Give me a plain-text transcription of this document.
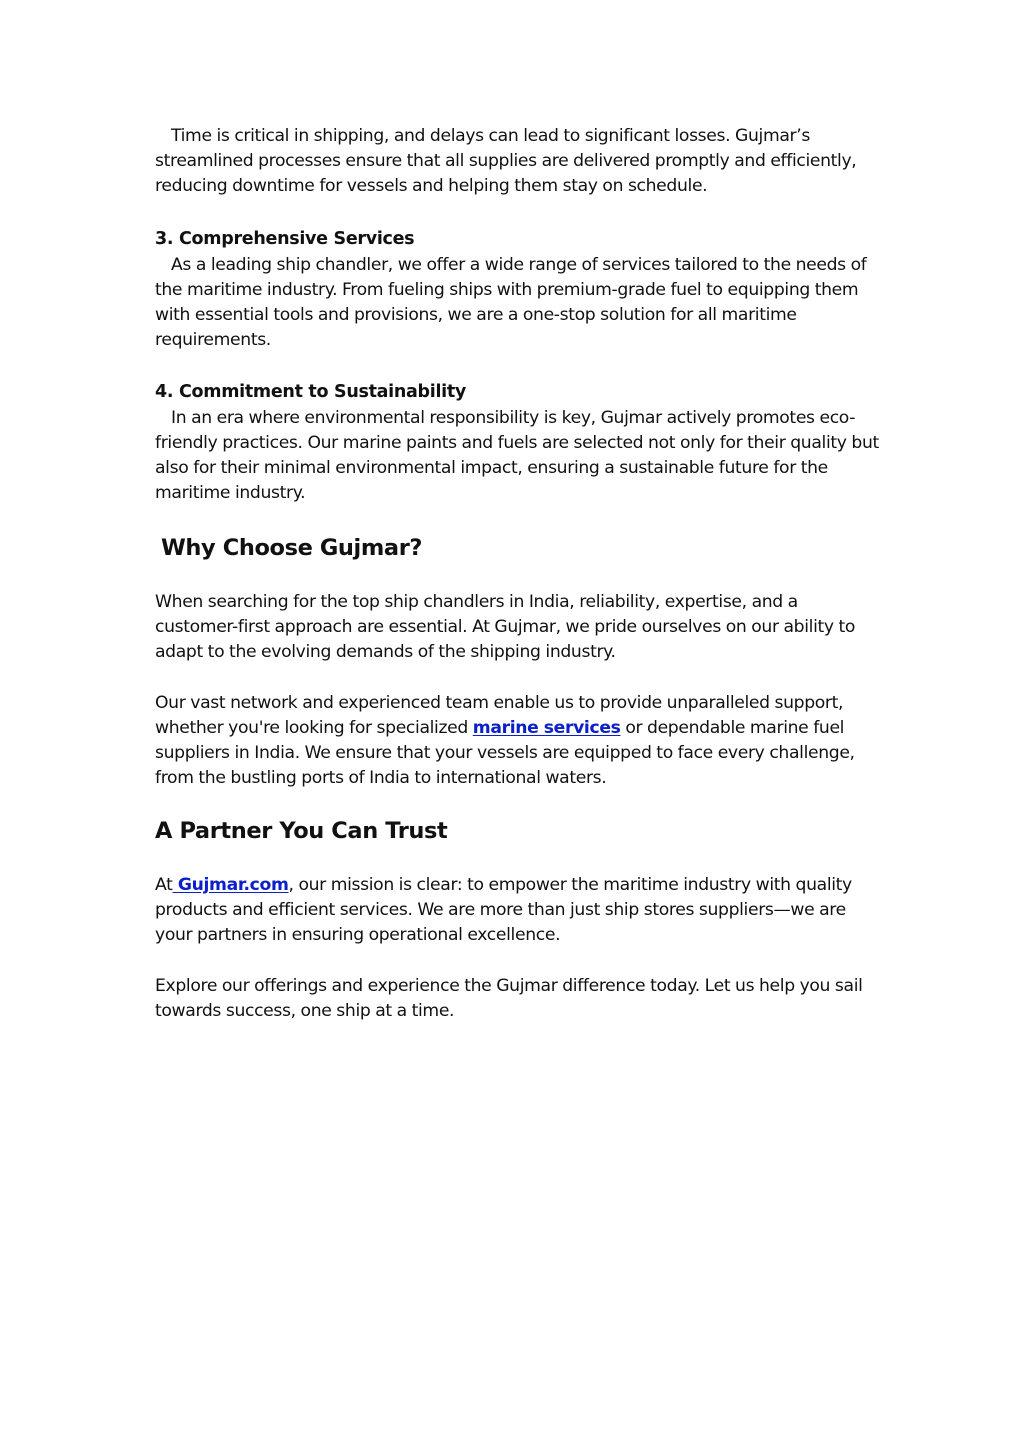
Time is critical in shipping, and delays can lead to significant losses. Gujmar’s streamlined processes ensure that all supplies are delivered promptly and efficiently, reducing downtime for vessels and helping them stay on schedule.

3. Comprehensive Services

As a leading ship chandler, we offer a wide range of services tailored to the needs of the maritime industry. From fueling ships with premium-grade fuel to equipping them with essential tools and provisions, we are a one-stop solution for all maritime requirements.

4. Commitment to Sustainability

In an era where environmental responsibility is key, Gujmar actively promotes eco-friendly practices. Our marine paints and fuels are selected not only for their quality but also for their minimal environmental impact, ensuring a sustainable future for the maritime industry.

Why Choose Gujmar?

When searching for the top ship chandlers in India, reliability, expertise, and a customer-first approach are essential. At Gujmar, we pride ourselves on our ability to adapt to the evolving demands of the shipping industry.

Our vast network and experienced team enable us to provide unparalleled support, whether you're looking for specialized marine services or dependable marine fuel suppliers in India. We ensure that your vessels are equipped to face every challenge, from the bustling ports of India to international waters.

A Partner You Can Trust

At Gujmar.com, our mission is clear: to empower the maritime industry with quality products and efficient services. We are more than just ship stores suppliers—we are your partners in ensuring operational excellence.

Explore our offerings and experience the Gujmar difference today. Let us help you sail towards success, one ship at a time.
